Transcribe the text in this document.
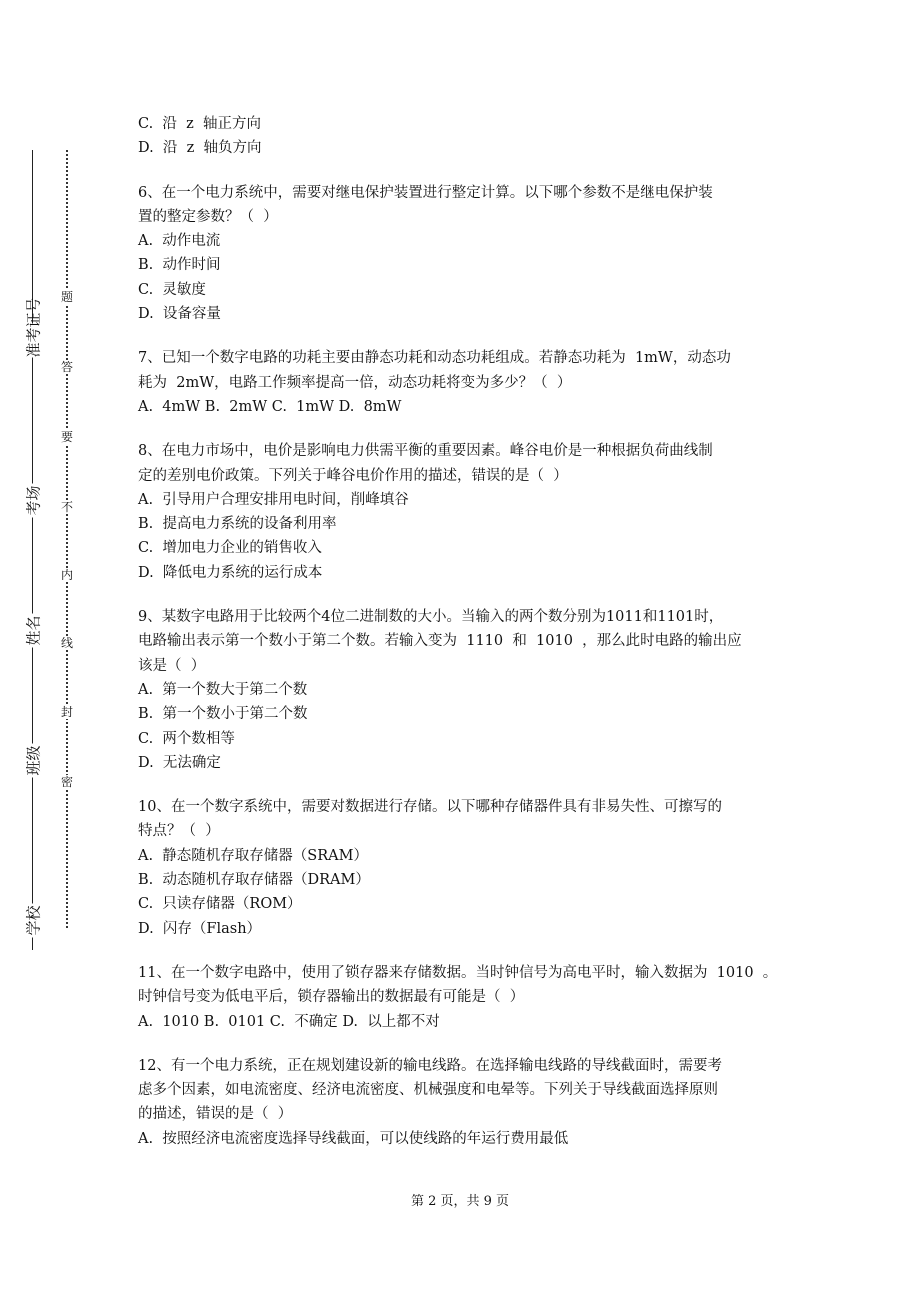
学校
班级
姓名
考场
准考证号
密
封
线
内
不
要
答
题
C.  沿  z  轴正方向
D.  沿  z  轴负方向
6、在一个电力系统中，需要对继电保护装置进行整定计算。以下哪个参数不是继电保护装
置的整定参数？（  ）
A.  动作电流
B.  动作时间
C.  灵敏度
D.  设备容量
7、已知一个数字电路的功耗主要由静态功耗和动态功耗组成。若静态功耗为  1mW，动态功
耗为  2mW，电路工作频率提高一倍，动态功耗将变为多少？（  ）
A.  4mW B.  2mW C.  1mW D.  8mW
8、在电力市场中，电价是影响电力供需平衡的重要因素。峰谷电价是一种根据负荷曲线制
定的差别电价政策。下列关于峰谷电价作用的描述，错误的是（  ）
A.  引导用户合理安排用电时间，削峰填谷
B.  提高电力系统的设备利用率
C.  增加电力企业的销售收入
D.  降低电力系统的运行成本
9、某数字电路用于比较两个4位二进制数的大小。当输入的两个数分别为1011和1101时，
电路输出表示第一个数小于第二个数。若输入变为  1110  和  1010  ，那么此时电路的输出应
该是（  ）
A.  第一个数大于第二个数
B.  第一个数小于第二个数
C.  两个数相等
D.  无法确定
10、在一个数字系统中，需要对数据进行存储。以下哪种存储器件具有非易失性、可擦写的
特点？（  ）
A.  静态随机存取存储器（SRAM）
B.  动态随机存取存储器（DRAM）
C.  只读存储器（ROM）
D.  闪存（Flash）
11、在一个数字电路中，使用了锁存器来存储数据。当时钟信号为高电平时，输入数据为  1010  。
时钟信号变为低电平后，锁存器输出的数据最有可能是（  ）
A.  1010 B.  0101 C.  不确定 D.  以上都不对
12、有一个电力系统，正在规划建设新的输电线路。在选择输电线路的导线截面时，需要考
虑多个因素，如电流密度、经济电流密度、机械强度和电晕等。下列关于导线截面选择原则
的描述，错误的是（  ）
A.  按照经济电流密度选择导线截面，可以使线路的年运行费用最低
第 2 页，共 9 页
